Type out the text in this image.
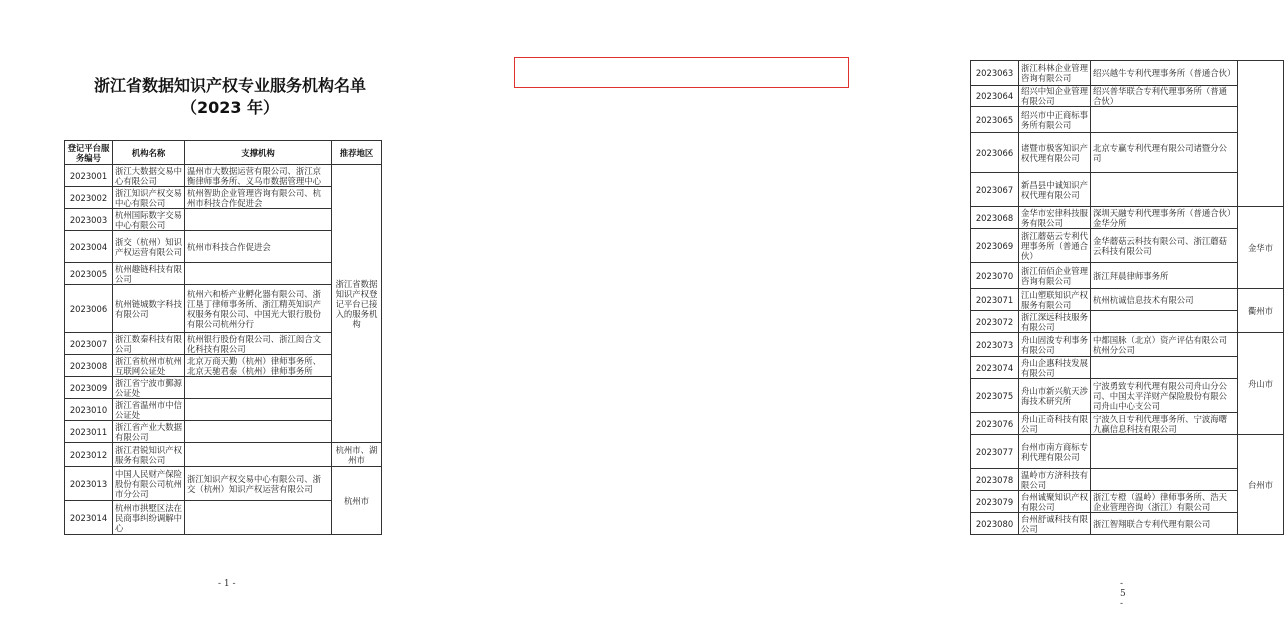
浙江省数据知识产权专业服务机构名单
（2023 年）
登记平台服务编号	机构名称	支撑机构	推荐地区
2023001	浙江大数据交易中心有限公司	温州市大数据运营有限公司、浙江京衡律师事务所、义乌市数据管理中心	浙江省数据知识产权登记平台已接入的服务机构
2023002	浙江知识产权交易中心有限公司	杭州智助企业管理咨询有限公司、杭州市科技合作促进会	
2023003	杭州国际数字交易中心有限公司		
2023004	浙交（杭州）知识产权运营有限公司	杭州市科技合作促进会	
2023005	杭州趣链科技有限公司		
2023006	杭州链城数字科技有限公司	杭州六和桥产业孵化器有限公司、浙江垦丁律师事务所、浙江精英知识产权服务有限公司、中国光大银行股份有限公司杭州分行	
2023007	浙江数秦科技有限公司	杭州银行股份有限公司、浙江闳合文化科技有限公司	
2023008	浙江省杭州市杭州互联网公证处	北京万商天勤（杭州）律师事务所、北京天驰君泰（杭州）律师事务所	
2023009	浙江省宁波市鄞源公证处		
2023010	浙江省温州市中信公证处		
2023011	浙江省产业大数据有限公司		
2023012	浙江君锐知识产权服务有限公司		杭州市、湖州市
2023013	中国人民财产保险股份有限公司杭州市分公司	浙江知识产权交易中心有限公司、浙交（杭州）知识产权运营有限公司	杭州市
2023014	杭州市拱墅区法在民商事纠纷调解中心		
- 1 -
2023063	浙江科林企业管理咨询有限公司	绍兴越牛专利代理事务所（普通合伙）	
2023064	绍兴中知企业管理有限公司	绍兴普华联合专利代理事务所（普通合伙）	
2023065	绍兴市中正商标事务所有限公司		
2023066	诸暨市极客知识产权代理有限公司	北京专赢专利代理有限公司诸暨分公司	
2023067	新昌县中诚知识产权代理有限公司		
2023068	金华市宏律科技服务有限公司	深圳天融专利代理事务所（普通合伙）金华分所	金华市
2023069	浙江蘑菇云专利代理事务所（普通合伙）	金华蘑菇云科技有限公司、浙江蘑菇云科技有限公司	
2023070	浙江佰佰企业管理咨询有限公司	浙江拜晨律师事务所	
2023071	江山塑联知识产权服务有限公司	杭州杭诚信息技术有限公司	衢州市
2023072	浙江深远科技服务有限公司		
2023073	舟山固浚专利事务有限公司	中都国脉（北京）资产评估有限公司杭州分公司	舟山市
2023074	舟山企惠科技发展有限公司		
2023075	舟山市新兴航天涉海技术研究所	宁波勇致专利代理有限公司舟山分公司、中国太平洋财产保险股份有限公司舟山中心支公司	
2023076	舟山正奇科技有限公司	宁波久日专利代理事务所、宁波海曙九赢信息科技有限公司	
2023077	台州市南方商标专利代理有限公司		台州市
2023078	温岭市方济科技有限公司		
2023079	台州诚聚知识产权有限公司	浙江专橙（温岭）律师事务所、浩天企业管理咨询（浙江）有限公司	
2023080	台州舒诚科技有限公司	浙江智翔联合专利代理有限公司	
- 5 -
